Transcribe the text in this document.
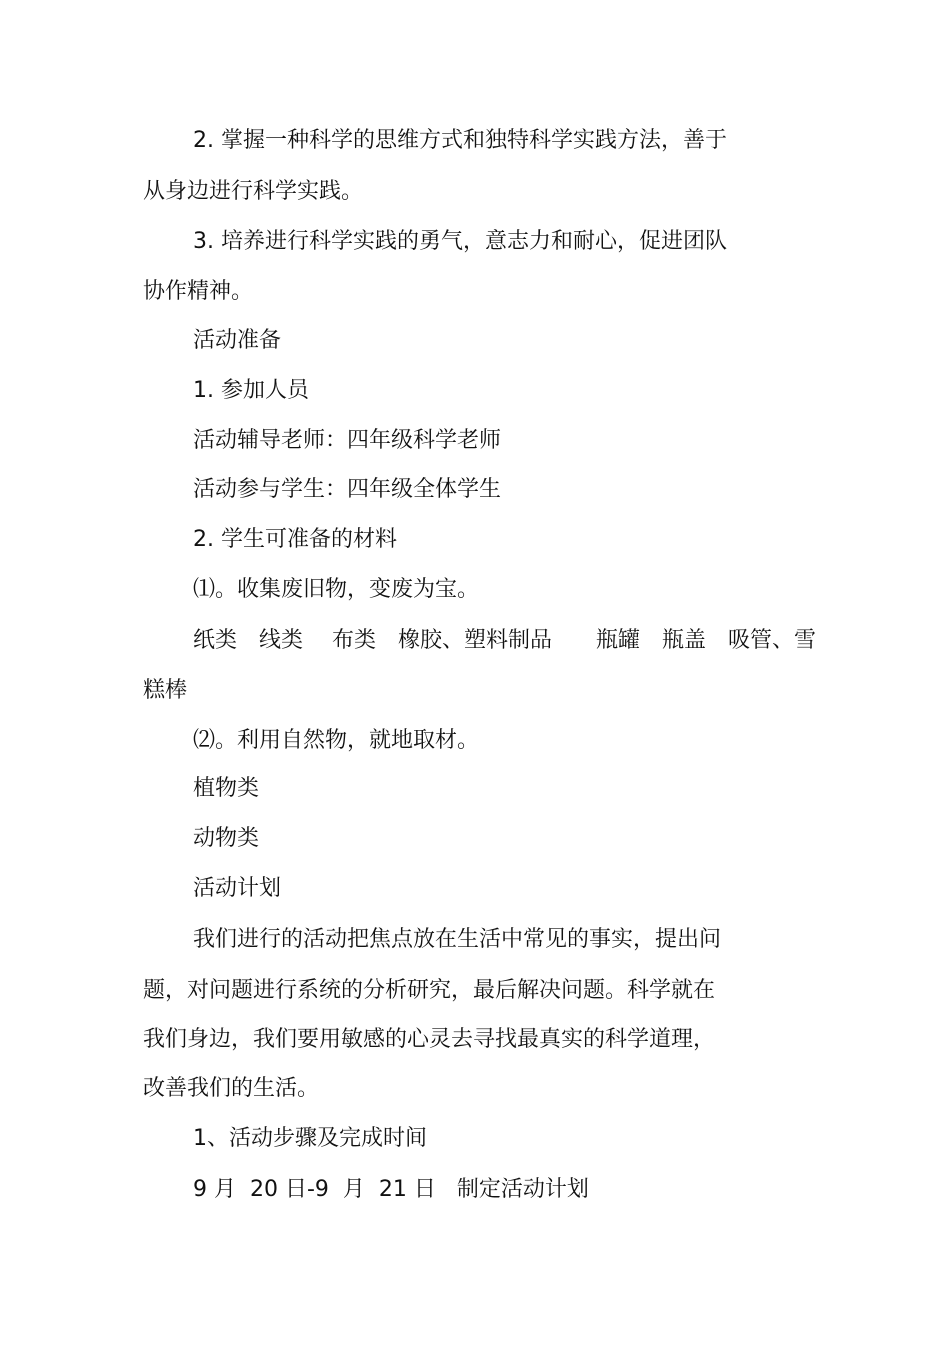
2. 掌握一种科学的思维方式和独特科学实践方法，善于
从身边进行科学实践。
3. 培养进行科学实践的勇气，意志力和耐心，促进团队
协作精神。
活动准备
1. 参加人员
活动辅导老师：四年级科学老师
活动参与学生：四年级全体学生
2. 学生可准备的材料
⑴。收集废旧物，变废为宝。
纸类　线类　 布类　橡胶、塑料制品　　瓶罐　瓶盖　吸管、雪
糕棒
⑵。利用自然物，就地取材。
植物类
动物类
活动计划
我们进行的活动把焦点放在生活中常见的事实，提出问
题，对问题进行系统的分析研究，最后解决问题。科学就在
我们身边，我们要用敏感的心灵去寻找最真实的科学道理，
改善我们的生活。
1、活动步骤及完成时间
9 月  20 日-9  月  21 日   制定活动计划
